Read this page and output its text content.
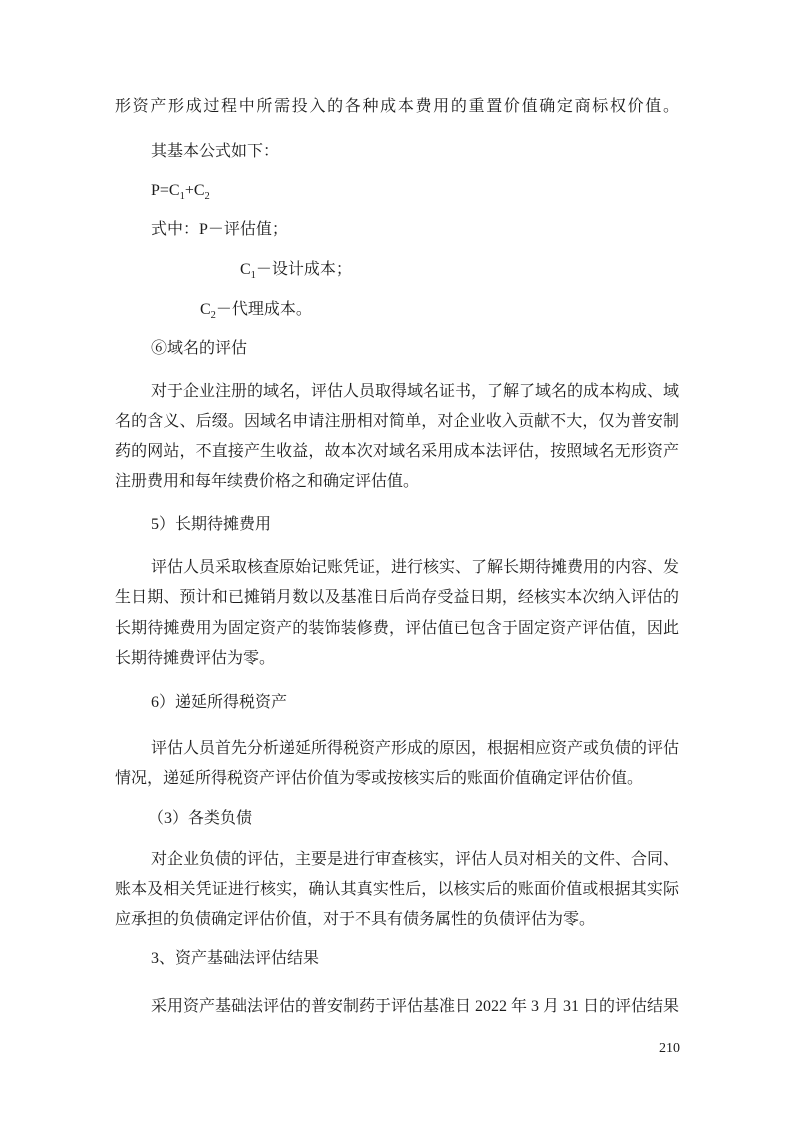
形资产形成过程中所需投入的各种成本费用的重置价值确定商标权价值。
其基本公式如下：
$P=C_1+C_2$
式中：P－评估值；
$C_1-$设计成本；
$C_2-$代理成本。
⑥域名的评估
对于企业注册的域名，评估人员取得域名证书，了解了域名的成本构成、域
名的含义、后缀。因域名申请注册相对简单，对企业收入贡献不大，仅为普安制
药的网站，不直接产生收益，故本次对域名采用成本法评估，按照域名无形资产
注册费用和每年续费价格之和确定评估值。
5）长期待摊费用
评估人员采取核查原始记账凭证，进行核实、了解长期待摊费用的内容、发
生日期、预计和已摊销月数以及基准日后尚存受益日期，经核实本次纳入评估的
长期待摊费用为固定资产的装饰装修费，评估值已包含于固定资产评估值，因此
长期待摊费评估为零。
6）递延所得税资产
评估人员首先分析递延所得税资产形成的原因，根据相应资产或负债的评估
情况，递延所得税资产评估价值为零或按核实后的账面价值确定评估价值。
（3）各类负债
对企业负债的评估，主要是进行审查核实，评估人员对相关的文件、合同、
账本及相关凭证进行核实，确认其真实性后，以核实后的账面价值或根据其实际
应承担的负债确定评估价值，对于不具有债务属性的负债评估为零。
3、资产基础法评估结果
采用资产基础法评估的普安制药于评估基准日 2022 年 3 月 31 日的评估结果
210
